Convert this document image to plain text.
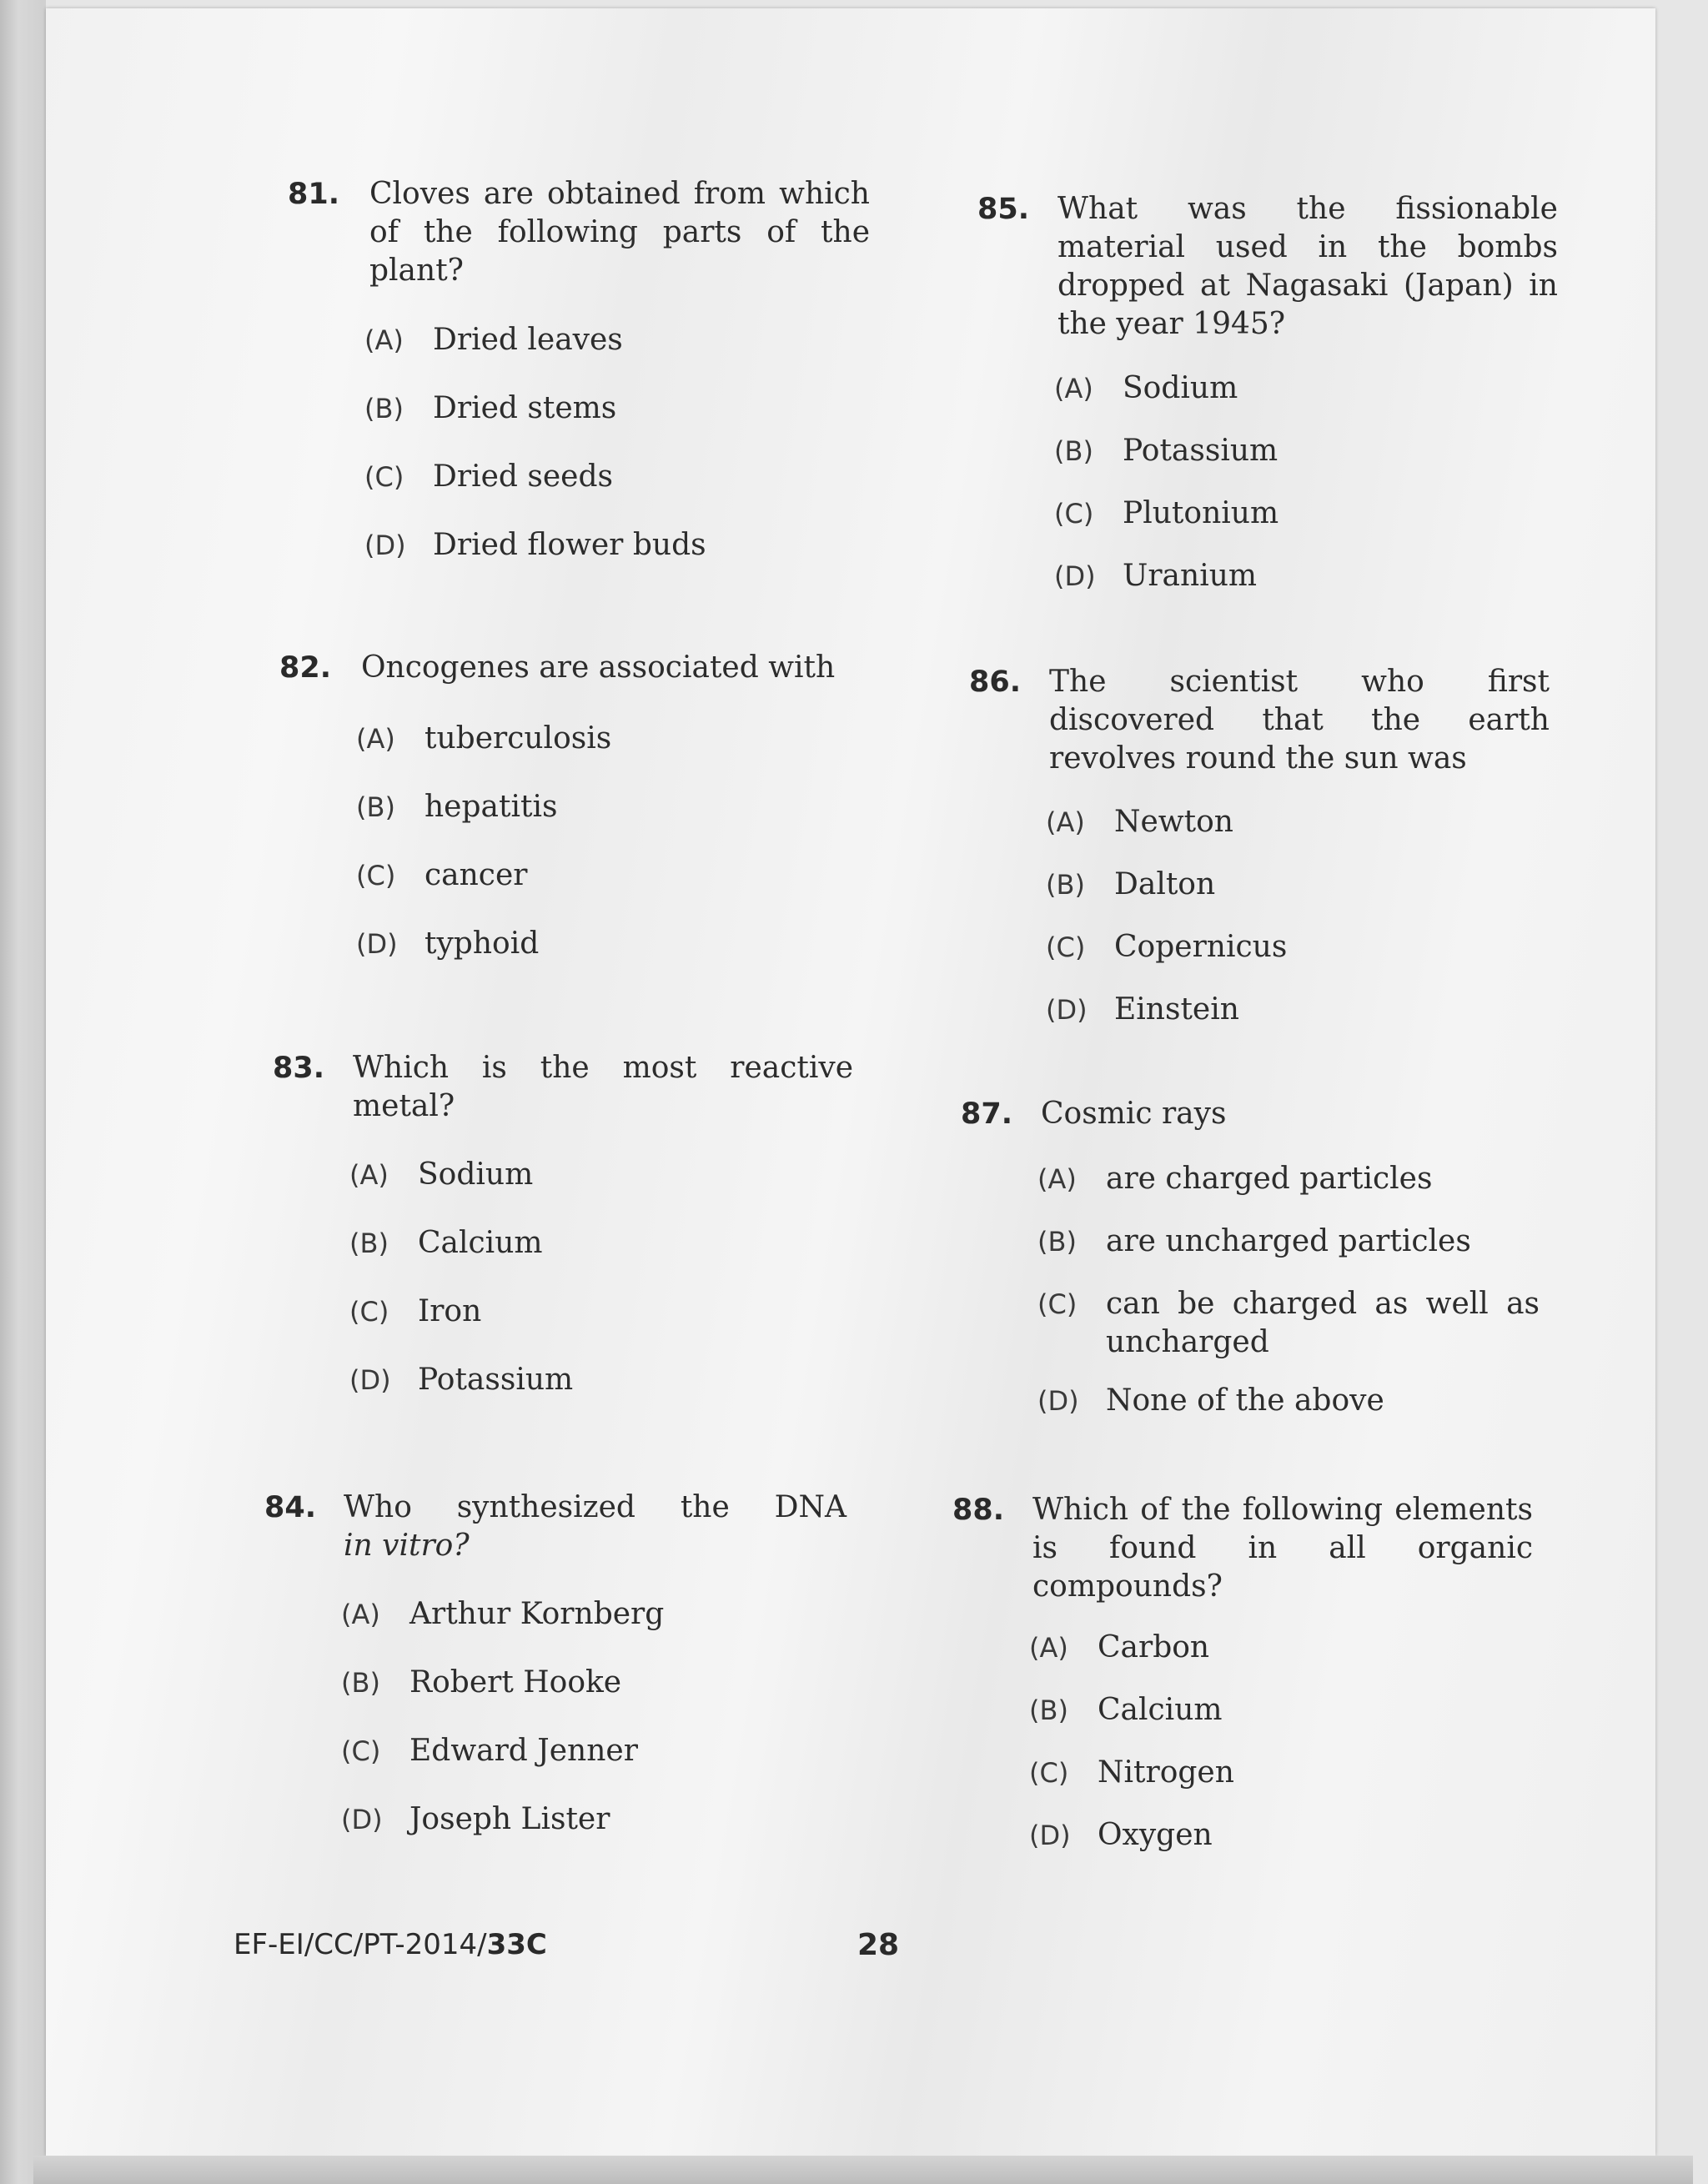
81. Cloves are obtained from which
of the following parts of the
plant?
(A) Dried leaves
(B) Dried stems
(C) Dried seeds
(D) Dried flower buds
82. Oncogenes are associated with
(A) tuberculosis
(B) hepatitis
(C) cancer
(D) typhoid
83. Which is the most reactive
metal?
(A) Sodium
(B) Calcium
(C) Iron
(D) Potassium
84. Who synthesized the DNA
in vitro?
(A) Arthur Kornberg
(B) Robert Hooke
(C) Edward Jenner
(D) Joseph Lister
85. What was the fissionable
material used in the bombs
dropped at Nagasaki (Japan) in
the year 1945?
(A) Sodium
(B) Potassium
(C) Plutonium
(D) Uranium
86. The scientist who first
discovered that the earth
revolves round the sun was
(A) Newton
(B) Dalton
(C) Copernicus
(D) Einstein
87. Cosmic rays
(A) are charged particles
(B) are uncharged particles
(C) can be charged as well as uncharged
(D) None of the above
88. Which of the following elements
is found in all organic
compounds?
(A) Carbon
(B) Calcium
(C) Nitrogen
(D) Oxygen
EF-EI/CC/PT-2014/33C	28
